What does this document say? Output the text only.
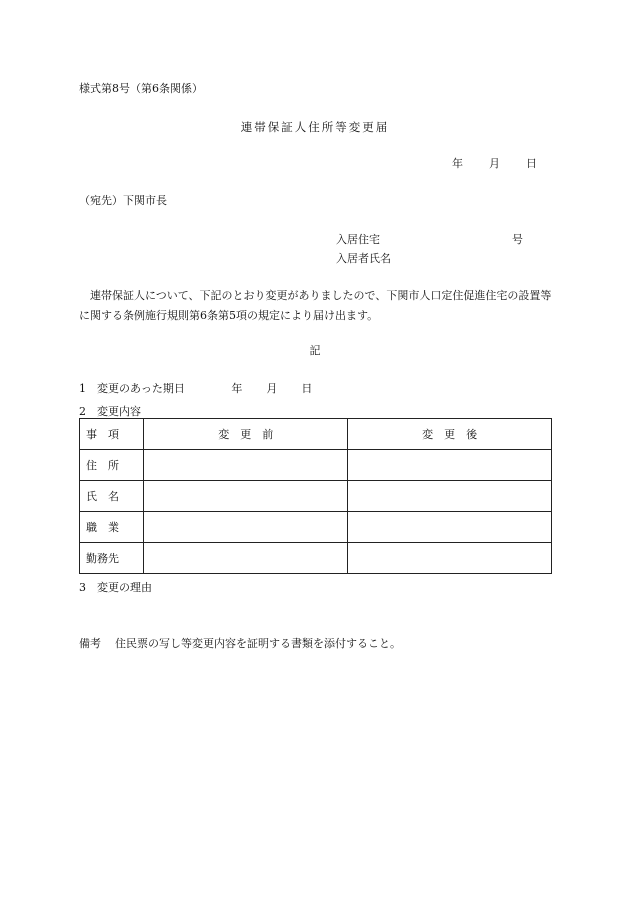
様式第8号（第6条関係）
連帯保証人住所等変更届
年 月 日
（宛先）下関市長
入居住宅	号
入居者氏名
連帯保証人について、下記のとおり変更がありましたので、下関市人口定住促進住宅の設置等に関する条例施行規則第6条第5項の規定により届け出ます。
記
1 変更のあった期日	年 月 日
2 変更内容
事　項	変　更　前	変　更　後
住　所		
氏　名		
職　業		
勤務先		
3 変更の理由
備考 住民票の写し等変更内容を証明する書類を添付すること。
